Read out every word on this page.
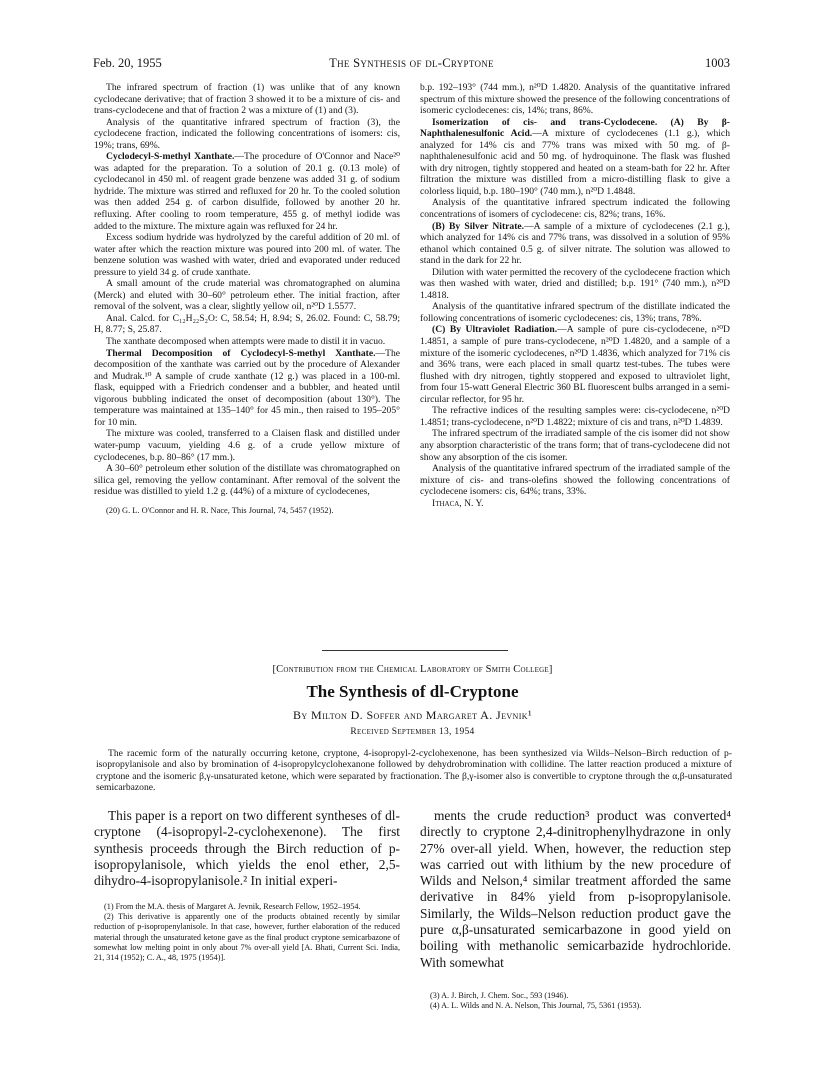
Feb. 20, 1955	The Synthesis of dl-Cryptone	1003

The infrared spectrum of fraction (1) was unlike that of any known cyclodecane derivative; that of fraction 3 showed it to be a mixture of cis- and trans-cyclodecene and that of fraction 2 was a mixture of (1) and (3).

Analysis of the quantitative infrared spectrum of fraction (3), the cyclodecene fraction, indicated the following concentrations of isomers: cis, 19%; trans, 69%.

Cyclodecyl-S-methyl Xanthate.—The procedure of O'Connor and Nace²⁰ was adapted for the preparation. To a solution of 20.1 g. (0.13 mole) of cyclodecanol in 450 ml. of reagent grade benzene was added 31 g. of sodium hydride. The mixture was stirred and refluxed for 20 hr. To the cooled solution was then added 254 g. of carbon disulfide, followed by another 20 hr. refluxing. After cooling to room temperature, 455 g. of methyl iodide was added to the mixture. The mixture again was refluxed for 24 hr.

Excess sodium hydride was hydrolyzed by the careful addition of 20 ml. of water after which the reaction mixture was poured into 200 ml. of water. The benzene solution was washed with water, dried and evaporated under reduced pressure to yield 34 g. of crude xanthate.

A small amount of the crude material was chromatographed on alumina (Merck) and eluted with 30–60° petroleum ether. The initial fraction, after removal of the solvent, was a clear, slightly yellow oil, n²⁰D 1.5577.

Anal. Calcd. for C₁₂H₂₂S₂O: C, 58.54; H, 8.94; S, 26.02. Found: C, 58.79; H, 8.77; S, 25.87.

The xanthate decomposed when attempts were made to distil it in vacuo.

Thermal Decomposition of Cyclodecyl-S-methyl Xanthate.—The decomposition of the xanthate was carried out by the procedure of Alexander and Mudrak.¹⁰ A sample of crude xanthate (12 g.) was placed in a 100-ml. flask, equipped with a Friedrich condenser and a bubbler, and heated until vigorous bubbling indicated the onset of decomposition (about 130°). The temperature was maintained at 135–140° for 45 min., then raised to 195–205° for 10 min.

The mixture was cooled, transferred to a Claisen flask and distilled under water-pump vacuum, yielding 4.6 g. of a crude yellow mixture of cyclodecenes, b.p. 80–86° (17 mm.).

A 30–60° petroleum ether solution of the distillate was chromatographed on silica gel, removing the yellow contaminant. After removal of the solvent the residue was distilled to yield 1.2 g. (44%) of a mixture of cyclodecenes,

(20) G. L. O'Connor and H. R. Nace, This Journal, 74, 5457 (1952).

b.p. 192–193° (744 mm.), n²⁰D 1.4820. Analysis of the quantitative infrared spectrum of this mixture showed the presence of the following concentrations of isomeric cyclodecenes: cis, 14%; trans, 86%.

Isomerization of cis- and trans-Cyclodecene. (A) By β-Naphthalenesulfonic Acid.—A mixture of cyclodecenes (1.1 g.), which analyzed for 14% cis and 77% trans was mixed with 50 mg. of β-naphthalenesulfonic acid and 50 mg. of hydroquinone. The flask was flushed with dry nitrogen, tightly stoppered and heated on a steam-bath for 22 hr. After filtration the mixture was distilled from a micro-distilling flask to give a colorless liquid, b.p. 180–190° (740 mm.), n²⁰D 1.4848.

Analysis of the quantitative infrared spectrum indicated the following concentrations of isomers of cyclodecene: cis, 82%; trans, 16%.

(B) By Silver Nitrate.—A sample of a mixture of cyclodecenes (2.1 g.), which analyzed for 14% cis and 77% trans, was dissolved in a solution of 95% ethanol which contained 0.5 g. of silver nitrate. The solution was allowed to stand in the dark for 22 hr.

Dilution with water permitted the recovery of the cyclodecene fraction which was then washed with water, dried and distilled; b.p. 191° (740 mm.), n²⁰D 1.4818.

Analysis of the quantitative infrared spectrum of the distillate indicated the following concentrations of isomeric cyclodecenes: cis, 13%; trans, 78%.

(C) By Ultraviolet Radiation.—A sample of pure cis-cyclodecene, n²⁰D 1.4851, a sample of pure trans-cyclodecene, n²⁰D 1.4820, and a sample of a mixture of the isomeric cyclodecenes, n²⁰D 1.4836, which analyzed for 71% cis and 36% trans, were each placed in small quartz test-tubes. The tubes were flushed with dry nitrogen, tightly stoppered and exposed to ultraviolet light, from four 15-watt General Electric 360 BL fluorescent bulbs arranged in a semi-circular reflector, for 95 hr.

The refractive indices of the resulting samples were: cis-cyclodecene, n²⁰D 1.4851; trans-cyclodecene, n²⁰D 1.4822; mixture of cis and trans, n²⁰D 1.4839.

The infrared spectrum of the irradiated sample of the cis isomer did not show any absorption characteristic of the trans form; that of trans-cyclodecene did not show any absorption of the cis isomer.

Analysis of the quantitative infrared spectrum of the irradiated sample of the mixture of cis- and trans-olefins showed the following concentrations of cyclodecene isomers: cis, 64%; trans, 33%.

Ithaca, N. Y.

[Contribution from the Chemical Laboratory of Smith College]
The Synthesis of dl-Cryptone
By Milton D. Soffer and Margaret A. Jevnik¹
Received September 13, 1954

The racemic form of the naturally occurring ketone, cryptone, 4-isopropyl-2-cyclohexenone, has been synthesized via Wilds–Nelson–Birch reduction of p-isopropylanisole and also by bromination of 4-isopropylcyclohexanone followed by dehydrobromination with collidine. The latter reaction produced a mixture of cryptone and the isomeric β,γ-unsaturated ketone, which were separated by fractionation. The β,γ-isomer also is convertible to cryptone through the α,β-unsaturated semicarbazone.

This paper is a report on two different syntheses of dl-cryptone (4-isopropyl-2-cyclohexenone). The first synthesis proceeds through the Birch reduction of p-isopropylanisole, which yields the enol ether, 2,5-dihydro-4-isopropylanisole.² In initial experi-

ments the crude reduction³ product was converted⁴ directly to cryptone 2,4-dinitrophenylhydrazone in only 27% over-all yield. When, however, the reduction step was carried out with lithium by the new procedure of Wilds and Nelson,⁴ similar treatment afforded the same derivative in 84% yield from p-isopropylanisole. Similarly, the Wilds–Nelson reduction product gave the pure α,β-unsaturated semicarbazone in good yield on boiling with methanolic semicarbazide hydrochloride. With somewhat

(1) From the M.A. thesis of Margaret A. Jevnik, Research Fellow, 1952–1954.

(2) This derivative is apparently one of the products obtained recently by similar reduction of p-isopropenylanisole. In that case, however, further elaboration of the reduced material through the unsaturated ketone gave as the final product cryptone semicarbazone of somewhat low melting point in only about 7% over-all yield [A. Bhati, Current Sci. India, 21, 314 (1952); C. A., 48, 1975 (1954)].

(3) A. J. Birch, J. Chem. Soc., 593 (1946).

(4) A. L. Wilds and N. A. Nelson, This Journal, 75, 5361 (1953).
